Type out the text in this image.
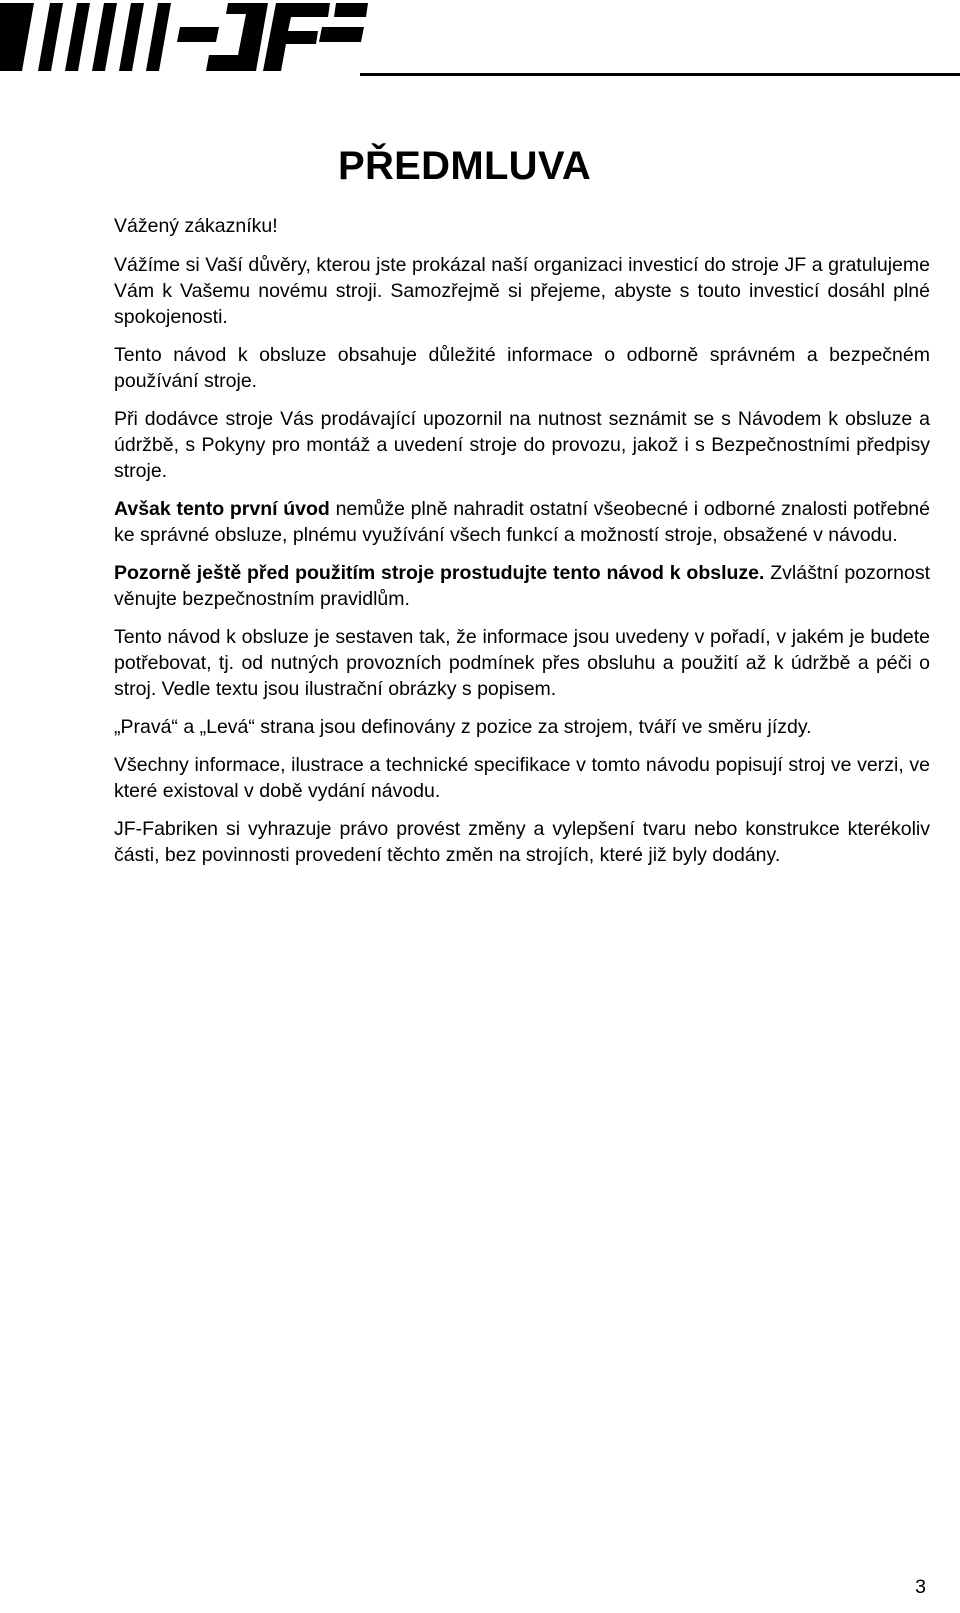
PŘEDMLUVA

Vážený zákazníku!

Vážíme si Vaší důvěry, kterou jste prokázal naší organizaci investicí do stroje JF a gratulujeme Vám k Vašemu novému stroji. Samozřejmě si přejeme, abyste s touto investicí dosáhl plné spokojenosti.

Tento návod k obsluze obsahuje důležité informace o odborně správném a bezpečném používání stroje.

Při dodávce stroje Vás prodávající upozornil na nutnost seznámit se s Návodem k obsluze a údržbě, s Pokyny pro montáž a uvedení stroje do provozu, jakož i s Bezpečnostními předpisy stroje.

Avšak tento první úvod nemůže plně nahradit ostatní všeobecné i odborné znalosti potřebné ke správné obsluze, plnému využívání všech funkcí a možností stroje, obsažené v návodu.

Pozorně ještě před použitím stroje prostudujte tento návod k obsluze. Zvláštní pozornost věnujte bezpečnostním pravidlům.

Tento návod k obsluze je sestaven tak, že informace jsou uvedeny v pořadí, v jakém je budete potřebovat, tj. od nutných provozních podmínek přes obsluhu a použití až k údržbě a péči o stroj. Vedle textu jsou ilustrační obrázky s popisem.

„Pravá“ a „Levá“ strana jsou definovány z pozice za strojem, tváří ve směru jízdy.

Všechny informace, ilustrace a technické specifikace v tomto návodu popisují stroj ve verzi, ve které existoval v době vydání návodu.

JF-Fabriken si vyhrazuje právo provést změny a vylepšení tvaru nebo konstrukce kterékoliv části, bez povinnosti provedení těchto změn na strojích, které již byly dodány.

3
